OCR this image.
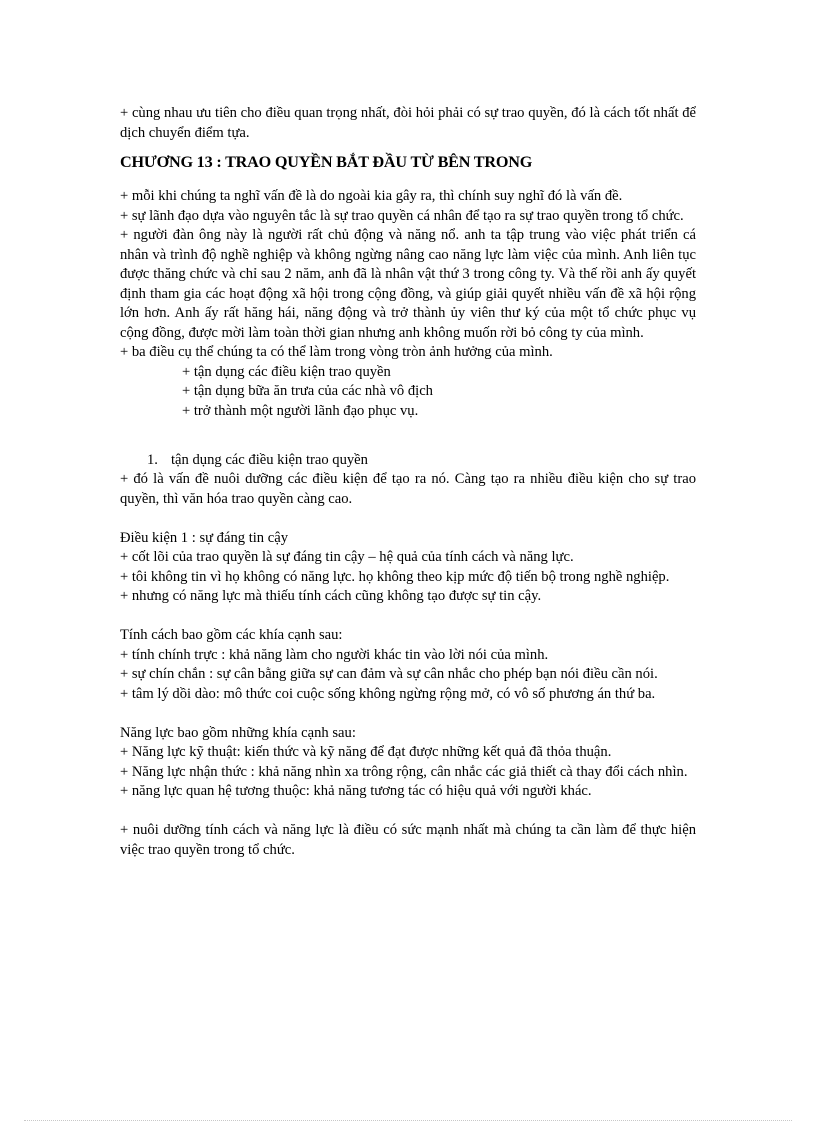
+ cùng nhau ưu tiên cho điều quan trọng nhất, đòi hỏi phải có sự trao quyền, đó là cách tốt nhất để dịch chuyển điểm tựa.

CHƯƠNG 13 : TRAO QUYỀN BẮT ĐẦU TỪ BÊN TRONG

+ mỗi khi chúng ta nghĩ vấn đề là do ngoài kia gây ra, thì chính suy nghĩ đó là vấn đề.

+ sự lãnh đạo dựa vào nguyên tắc là sự trao quyền cá nhân để tạo ra sự trao quyền trong tổ chức.

+ người đàn ông này là người rất chủ động và năng nổ. anh ta tập trung vào việc phát triển cá nhân và trình độ nghề nghiệp và không ngừng nâng cao năng lực làm việc của mình. Anh liên tục được thăng chức và chỉ sau 2 năm, anh đã là nhân vật thứ 3 trong công ty. Và thế rồi anh ấy quyết định tham gia các hoạt động xã hội trong cộng đồng, và giúp giải quyết nhiều vấn đề xã hội rộng lớn hơn. Anh ấy rất hăng hái, năng động và trở thành ủy viên thư ký của một tổ chức phục vụ cộng đồng, được mời làm toàn thời gian nhưng anh không muốn rời bỏ công ty của mình.

+ ba điều cụ thể chúng ta có thể làm trong vòng tròn ảnh hưởng của mình.

+ tận dụng các điều kiện trao quyền

+ tận dụng bữa ăn trưa của các nhà vô địch

+ trở thành một người lãnh đạo phục vụ.

1. tận dụng các điều kiện trao quyền

+ đó là vấn đề nuôi dưỡng các điều kiện để tạo ra nó. Càng tạo ra nhiều điều kiện cho sự trao quyền, thì văn hóa trao quyền càng cao.

Điều kiện 1 : sự đáng tin cậy

+ cốt lõi của trao quyền là sự đáng tin cậy – hệ quả của tính cách và năng lực.

+ tôi không tin vì họ không có năng lực. họ không theo kịp mức độ tiến bộ trong nghề nghiệp.

+ nhưng có năng lực mà thiếu tính cách cũng không tạo được sự tin cậy.

Tính cách bao gồm các khía cạnh sau:

+ tính chính trực : khả năng làm cho người khác tin vào lời nói của mình.

+ sự chín chắn : sự cân bằng giữa sự can đảm và sự cân nhắc cho phép bạn nói điều cần nói.

+ tâm lý dồi dào: mô thức coi cuộc sống không ngừng rộng mở, có vô số phương án thứ ba.

Năng lực bao gồm những khía cạnh sau:

+ Năng lực kỹ thuật: kiến thức và kỹ năng để đạt được những kết quả đã thỏa thuận.

+ Năng lực nhận thức : khả năng nhìn xa trông rộng, cân nhắc các giả thiết cà thay đổi cách nhìn.

+ năng lực quan hệ tương thuộc: khả năng tương tác có hiệu quả với người khác.

+ nuôi dưỡng tính cách và năng lực là điều có sức mạnh nhất mà chúng ta cần làm để thực hiện việc trao quyền trong tổ chức.
